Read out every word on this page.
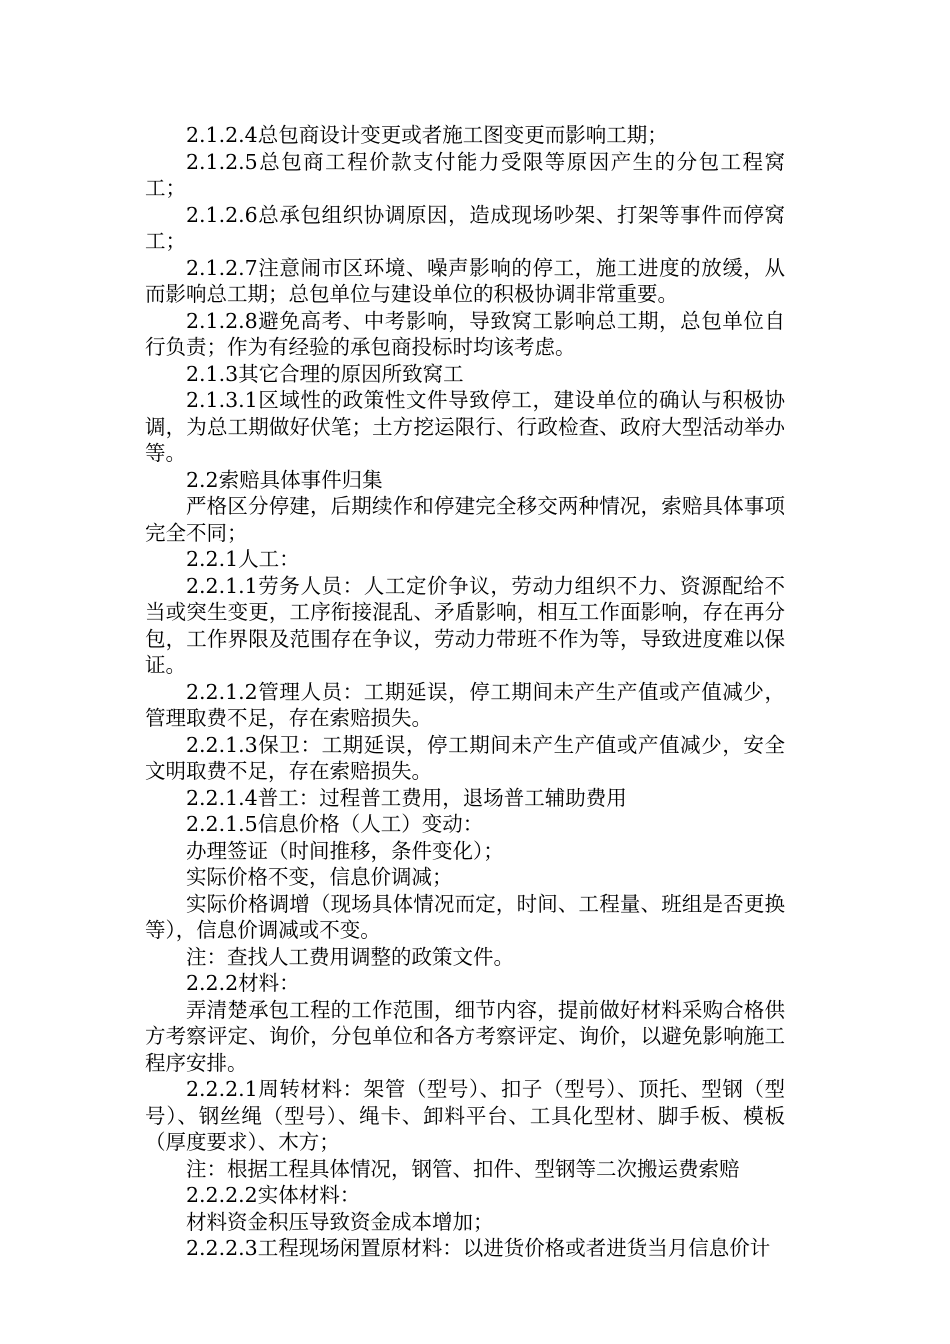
2.1.2.4总包商设计变更或者施工图变更而影响工期；

2.1.2.5总包商工程价款支付能力受限等原因产生的分包工程窝工；

2.1.2.6总承包组织协调原因，造成现场吵架、打架等事件而停窝工；

2.1.2.7注意闹市区环境、噪声影响的停工，施工进度的放缓，从而影响总工期；总包单位与建设单位的积极协调非常重要。

2.1.2.8避免高考、中考影响，导致窝工影响总工期，总包单位自行负责；作为有经验的承包商投标时均该考虑。

2.1.3其它合理的原因所致窝工

2.1.3.1区域性的政策性文件导致停工，建设单位的确认与积极协调，为总工期做好伏笔；土方挖运限行、行政检查、政府大型活动举办等。

2.2索赔具体事件归集

严格区分停建，后期续作和停建完全移交两种情况，索赔具体事项完全不同；

2.2.1人工：

2.2.1.1劳务人员：人工定价争议，劳动力组织不力、资源配给不当或突生变更，工序衔接混乱、矛盾影响，相互工作面影响，存在再分包，工作界限及范围存在争议，劳动力带班不作为等，导致进度难以保证。

2.2.1.2管理人员：工期延误，停工期间未产生产值或产值减少，管理取费不足，存在索赔损失。

2.2.1.3保卫：工期延误，停工期间未产生产值或产值减少，安全文明取费不足，存在索赔损失。

2.2.1.4普工：过程普工费用，退场普工辅助费用

2.2.1.5信息价格（人工）变动：

办理签证（时间推移，条件变化）；

实际价格不变，信息价调减；

实际价格调增（现场具体情况而定，时间、工程量、班组是否更换等），信息价调减或不变。

注：查找人工费用调整的政策文件。

2.2.2材料：

弄清楚承包工程的工作范围，细节内容，提前做好材料采购合格供方考察评定、询价，分包单位和各方考察评定、询价，以避免影响施工程序安排。

2.2.2.1周转材料：架管（型号）、扣子（型号）、顶托、型钢（型号）、钢丝绳（型号）、绳卡、卸料平台、工具化型材、脚手板、模板（厚度要求）、木方；

注：根据工程具体情况，钢管、扣件、型钢等二次搬运费索赔

2.2.2.2实体材料：

材料资金积压导致资金成本增加；

2.2.2.3工程现场闲置原材料：以进货价格或者进货当月信息价计
